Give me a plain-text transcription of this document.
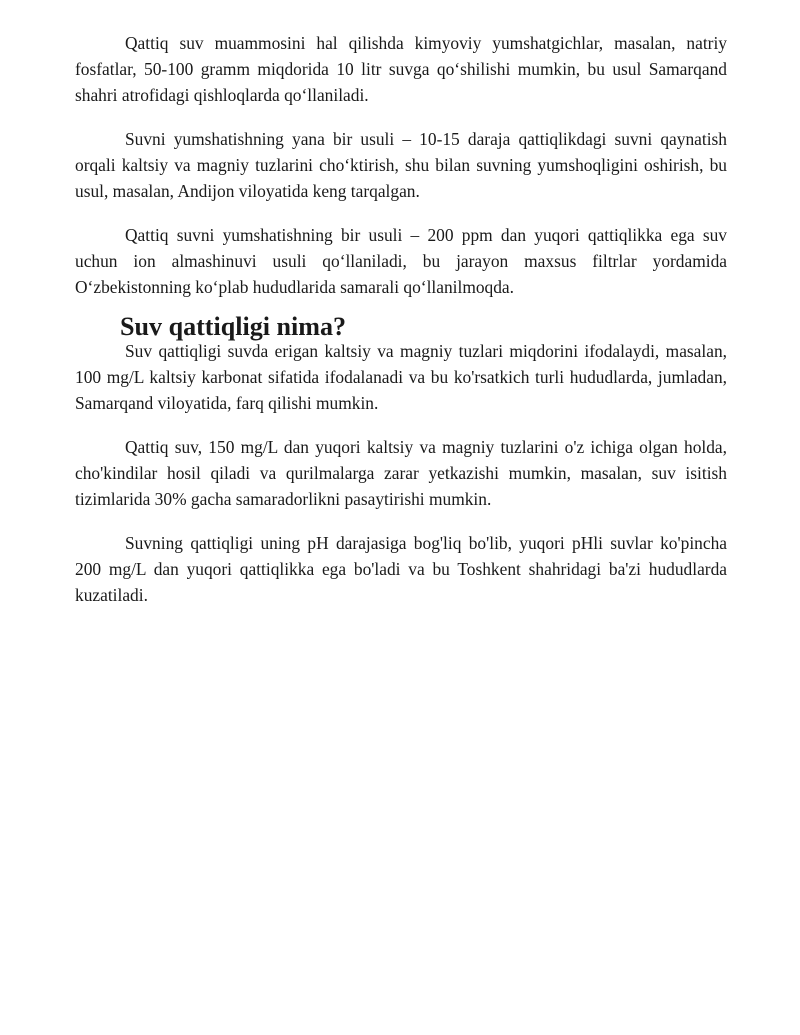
Qattiq suv muammosini hal qilishda kimyoviy yumshatgichlar, masalan, natriy fosfatlar, 50-100 gramm miqdorida 10 litr suvga qo‘shilishi mumkin, bu usul Samarqand shahri atrofidagi qishloqlarda qo‘llaniladi.

Suvni yumshatishning yana bir usuli – 10-15 daraja qattiqlikdagi suvni qaynatish orqali kaltsiy va magniy tuzlarini cho‘ktirish, shu bilan suvning yumshoqligini oshirish, bu usul, masalan, Andijon viloyatida keng tarqalgan.

Qattiq suvni yumshatishning bir usuli – 200 ppm dan yuqori qattiqlikka ega suv uchun ion almashinuvi usuli qo‘llaniladi, bu jarayon maxsus filtrlar yordamida O‘zbekistonning ko‘plab hududlarida samarali qo‘llanilmoqda.

Suv qattiqligi nima?

Suv qattiqligi suvda erigan kaltsiy va magniy tuzlari miqdorini ifodalaydi, masalan, 100 mg/L kaltsiy karbonat sifatida ifodalanadi va bu ko'rsatkich turli hududlarda, jumladan, Samarqand viloyatida, farq qilishi mumkin.

Qattiq suv, 150 mg/L dan yuqori kaltsiy va magniy tuzlarini o'z ichiga olgan holda, cho'kindilar hosil qiladi va qurilmalarga zarar yetkazishi mumkin, masalan, suv isitish tizimlarida 30% gacha samaradorlikni pasaytirishi mumkin.

Suvning qattiqligi uning pH darajasiga bog'liq bo'lib, yuqori pHli suvlar ko'pincha 200 mg/L dan yuqori qattiqlikka ega bo'ladi va bu Toshkent shahridagi ba'zi hududlarda kuzatiladi.
